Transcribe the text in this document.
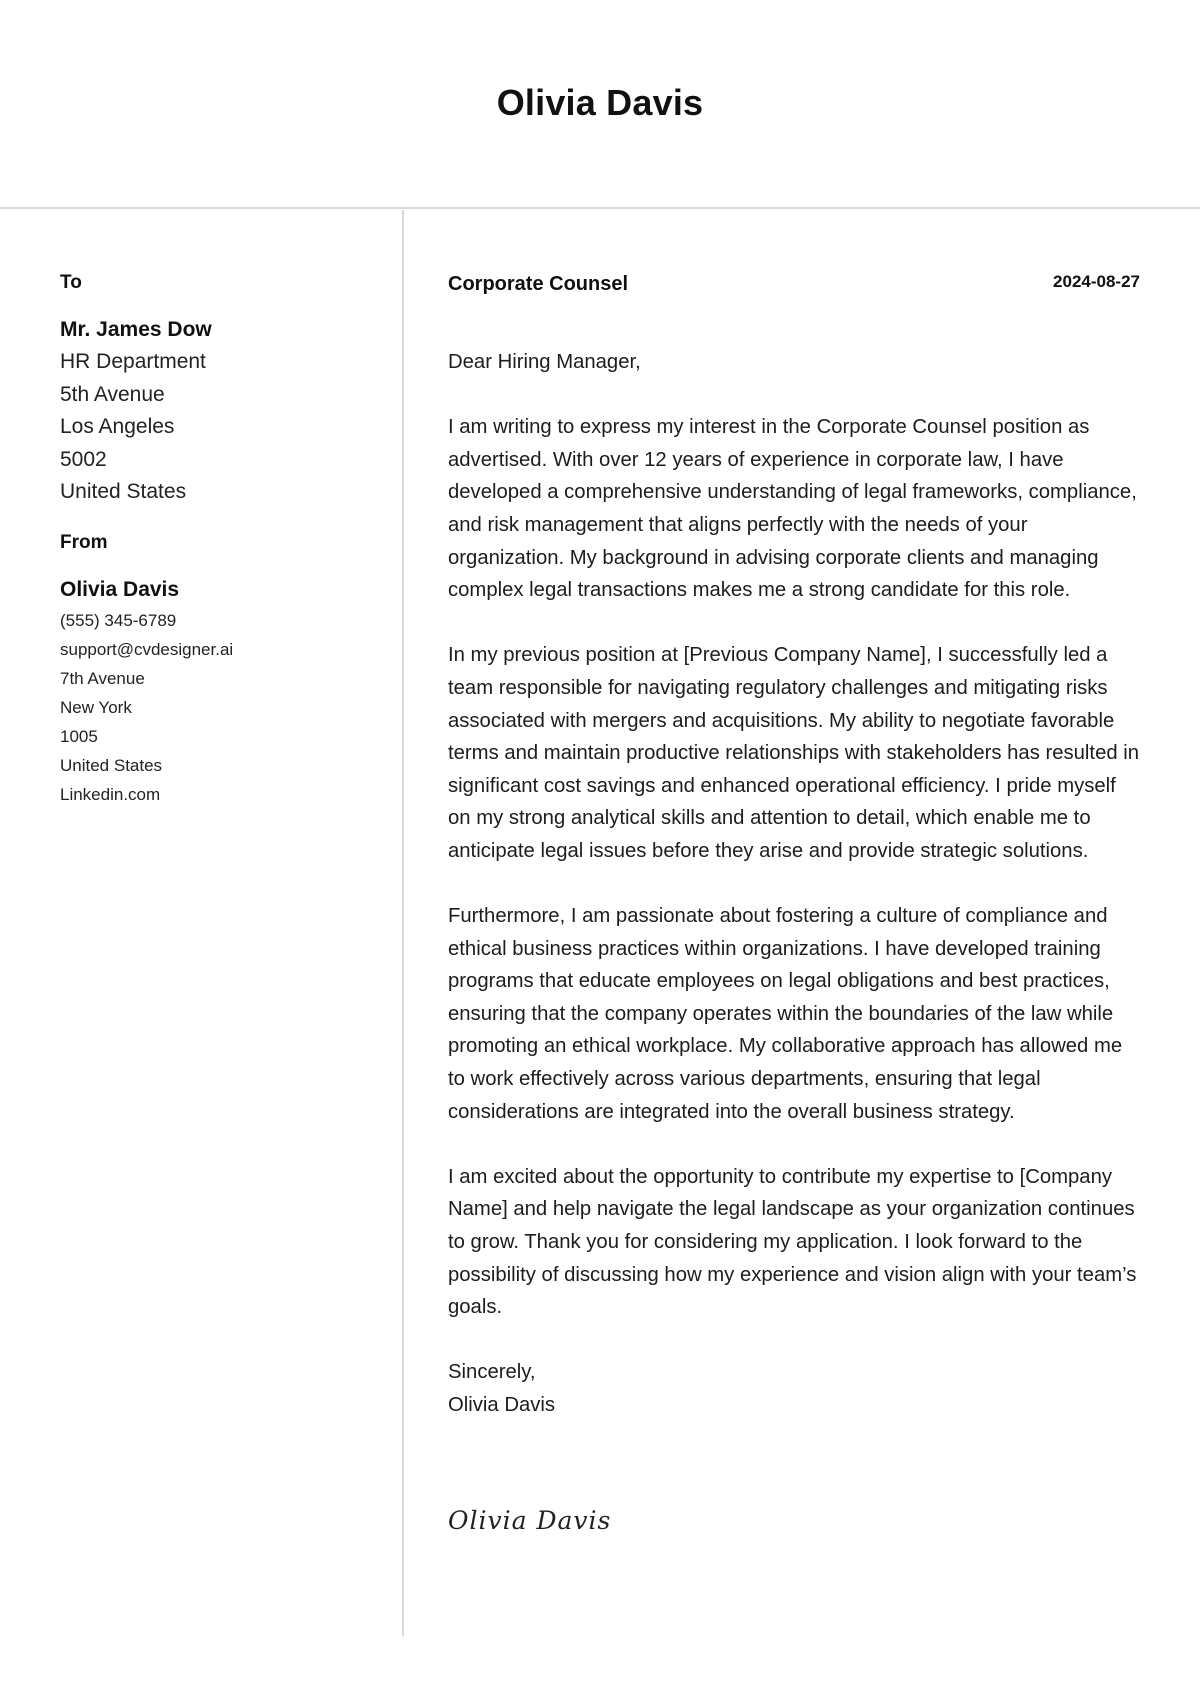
Olivia Davis
To
Mr. James Dow
HR Department
5th Avenue
Los Angeles
5002
United States
From
Olivia Davis
(555) 345-6789
support@cvdesigner.ai
7th Avenue
New York
1005
United States
Linkedin.com
Corporate Counsel	2024-08-27

Dear Hiring Manager,

I am writing to express my interest in the Corporate Counsel position as advertised. With over 12 years of experience in corporate law, I have developed a comprehensive understanding of legal frameworks, compliance, and risk management that aligns perfectly with the needs of your organization. My background in advising corporate clients and managing complex legal transactions makes me a strong candidate for this role.

In my previous position at [Previous Company Name], I successfully led a team responsible for navigating regulatory challenges and mitigating risks associated with mergers and acquisitions. My ability to negotiate favorable terms and maintain productive relationships with stakeholders has resulted in significant cost savings and enhanced operational efficiency. I pride myself on my strong analytical skills and attention to detail, which enable me to anticipate legal issues before they arise and provide strategic solutions.

Furthermore, I am passionate about fostering a culture of compliance and ethical business practices within organizations. I have developed training programs that educate employees on legal obligations and best practices, ensuring that the company operates within the boundaries of the law while promoting an ethical workplace. My collaborative approach has allowed me to work effectively across various departments, ensuring that legal considerations are integrated into the overall business strategy.

I am excited about the opportunity to contribute my expertise to [Company Name] and help navigate the legal landscape as your organization continues to grow. Thank you for considering my application. I look forward to the possibility of discussing how my experience and vision align with your team’s goals.

Sincerely,
Olivia Davis
Olivia Davis
